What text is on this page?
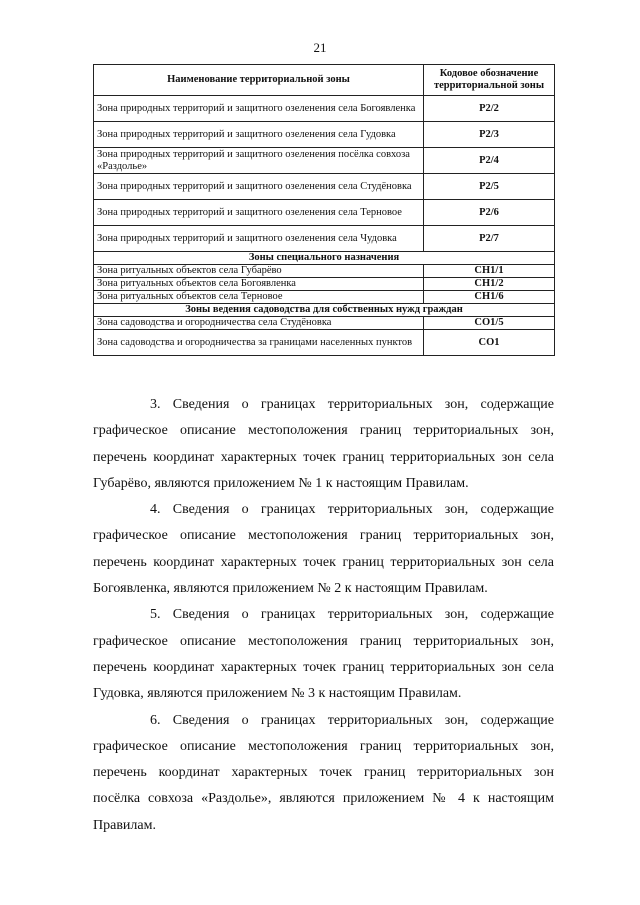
21
Наименование территориальной зоны	Кодовое обозначение территориальной зоны
Зона природных территорий и защитного озеленения села Богоявленка	Р2/2
Зона природных территорий и защитного озеленения села Гудовка	Р2/3
Зона природных территорий и защитного озеленения посёлка совхоза «Раздолье»	Р2/4
Зона природных территорий и защитного озеленения села Студёновка	Р2/5
Зона природных территорий и защитного озеленения села Терновое	Р2/6
Зона природных территорий и защитного озеленения села Чудовка	Р2/7
Зоны специального назначения	
Зона ритуальных объектов села Губарёво	СН1/1
Зона ритуальных объектов села Богоявленка	СН1/2
Зона ритуальных объектов села Терновое	СН1/6
Зоны ведения садоводства для собственных нужд граждан	
Зона садоводства и огородничества села Студёновка	СО1/5
Зона садоводства и огородничества за границами населенных пунктов	СО1

3. Сведения о границах территориальных зон, содержащие графическое описание местоположения границ территориальных зон, перечень координат характерных точек границ территориальных зон села Губарёво, являются приложением № 1 к настоящим Правилам.

4. Сведения о границах территориальных зон, содержащие графическое описание местоположения границ территориальных зон, перечень координат характерных точек границ территориальных зон села Богоявленка, являются приложением № 2 к настоящим Правилам.

5. Сведения о границах территориальных зон, содержащие графическое описание местоположения границ территориальных зон, перечень координат характерных точек границ территориальных зон села Гудовка, являются приложением № 3 к настоящим Правилам.

6. Сведения о границах территориальных зон, содержащие графическое описание местоположения границ территориальных зон, перечень координат характерных точек границ территориальных зон посёлка совхоза «Раздолье», являются приложением № 4 к настоящим Правилам.
